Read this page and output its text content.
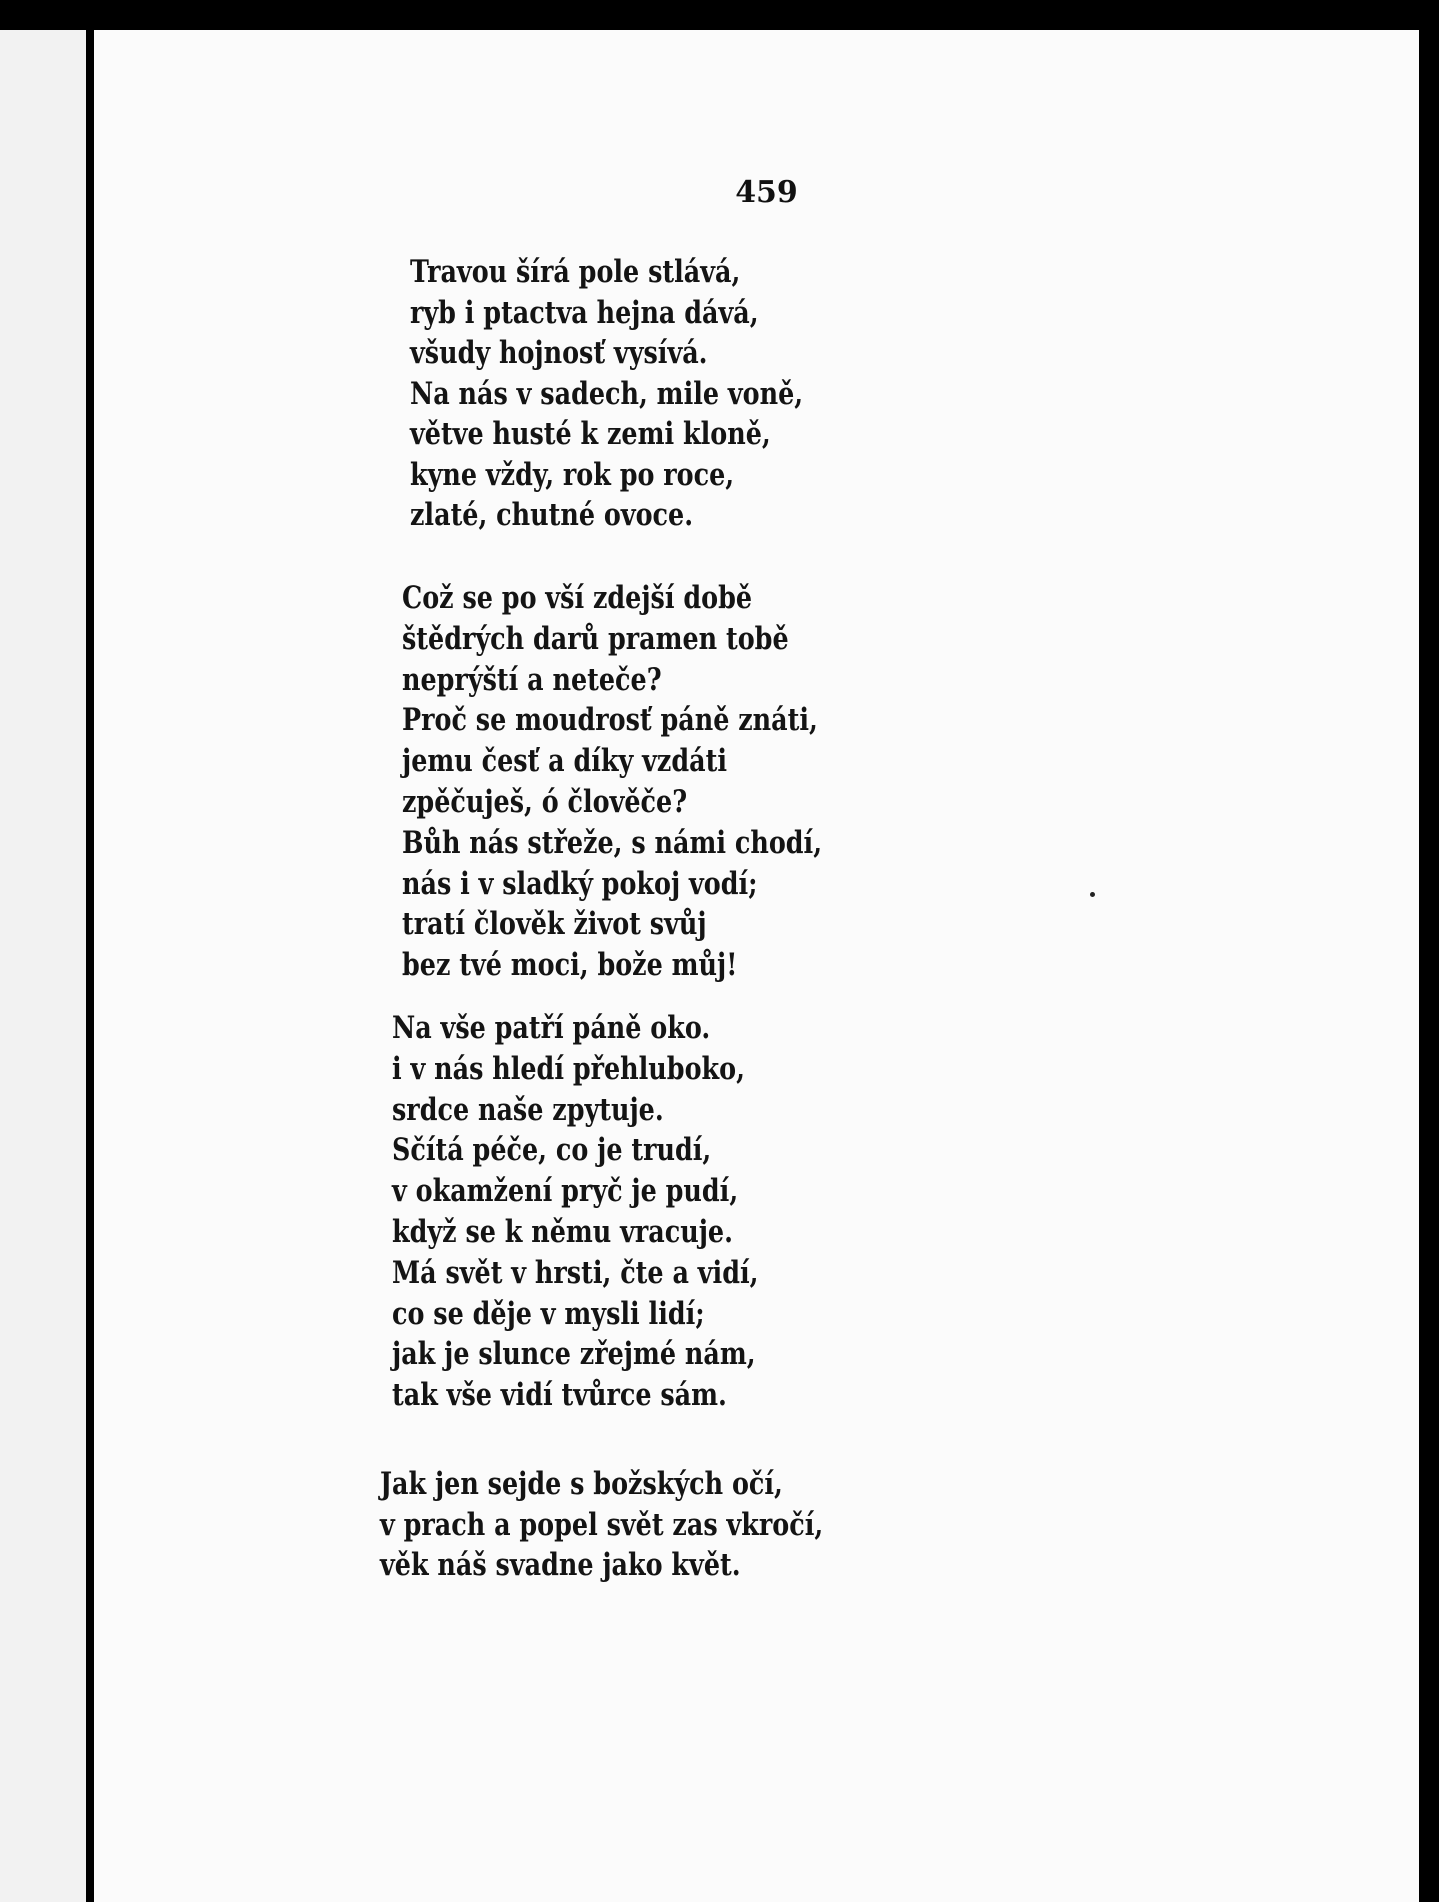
459

Travou šírá pole stlává,
ryb i ptactva hejna dává,
všudy hojnosť vysívá.
Na nás v sadech, mile voně,
větve husté k zemi kloně,
kyne vždy, rok po roce,
zlaté, chutné ovoce.
Což se po vší zdejší době
štědrých darů pramen tobě
neprýští a neteče?
Proč se moudrosť páně znáti,
jemu česť a díky vzdáti
zpěčuješ, ó člověče?
Bůh nás střeže, s námi chodí,
nás i v sladký pokoj vodí;
tratí člověk život svůj
bez tvé moci, bože můj!
Na vše patří páně oko.
i v nás hledí přehluboko,
srdce naše zpytuje.
Sčítá péče, co je trudí,
v okamžení pryč je pudí,
když se k němu vracuje.
Má svět v hrsti, čte a vidí,
co se děje v mysli lidí;
jak je slunce zřejmé nám,
tak vše vidí tvůrce sám.
Jak jen sejde s božských očí,
v prach a popel svět zas vkročí,
věk náš svadne jako květ.
